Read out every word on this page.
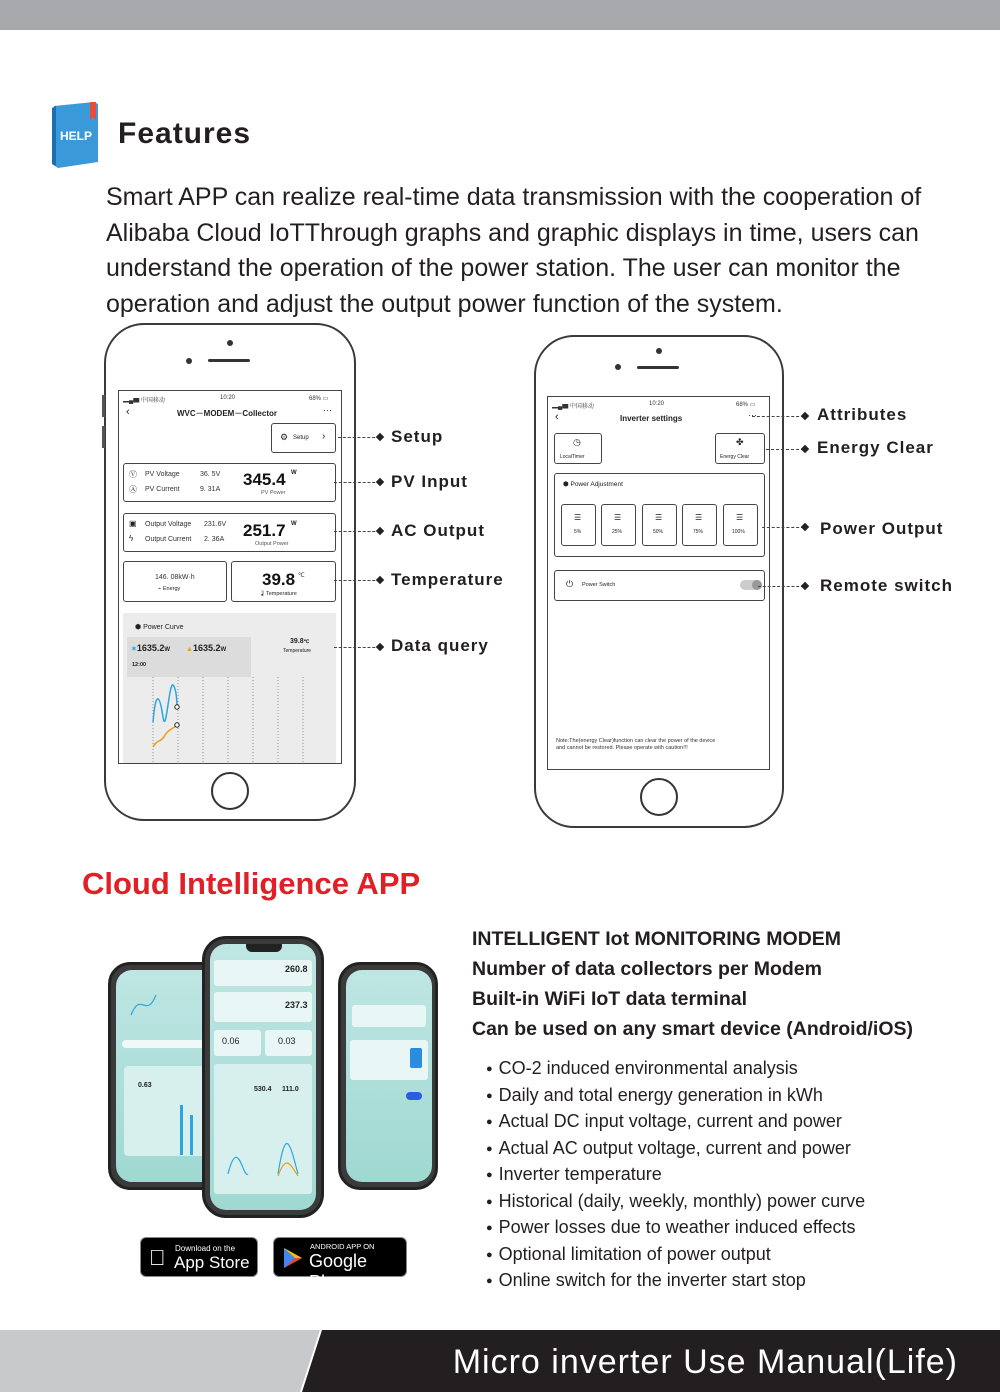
HELP Features
Smart APP can realize real-time data transmission with the cooperation of Alibaba Cloud IoTThrough graphs and graphic displays in time, users can understand the operation of the power station. The user can monitor the operation and adjust the output power function of the system.
▂▄▆ 中国移动	10:20	68% ▭
‹	WVC－MODEM－Collector	···
⚙ Setup ›
Ⓥ PV Voltage	36. 5V
Ⓐ PV Current	9. 31A
345.4 W
PV Power
▣ Output Voltage 231.6V
ϟ Output Current 2. 36A 251.7 W
Output Power
146. 08kW·h
⌁ Energy	39.8 ℃
🌡Temperature
⬢ Power Curve
✶1635.2W ▲1635.2W
12:00
39.8℃
Temperature
Setup
PV Input
AC Output
Temperature
Data query
▂▄▆ 中国移动	10:20	68% ▭
‹	Inverter settings	···
◷
LocalTimer
✤
Energy Clear
⬢ Power Adjustment
☰
5%
☰
25%
☰
50%
☰
75%
☰
100%
⏻ Power Switch
Note:The(energy Clear)function can clear the power of the device and cannot be restored. Please operate with caution!!!
Attributes
Energy Clear
Power Output
Remote switch
Cloud Intelligence APP
0.63
260.8
237.3
0.06	0.03
530.4 111.0
Download on the
App Store
ANDROID APP ON
Google Play
INTELLIGENT Iot MONITORING MODEM
Number of data collectors per Modem
Built-in WiFi IoT data terminal
Can be used on any smart device (Android/iOS)
● CO-2 induced environmental analysis
● Daily and total energy generation in kWh
● Actual DC input voltage, current and power
● Actual AC output voltage, current and power
● Inverter temperature
● Historical (daily, weekly, monthly) power curve
● Power losses due to weather induced effects
● Optional limitation of power output
● Online switch for the inverter start stop
Micro inverter Use Manual(Life)
